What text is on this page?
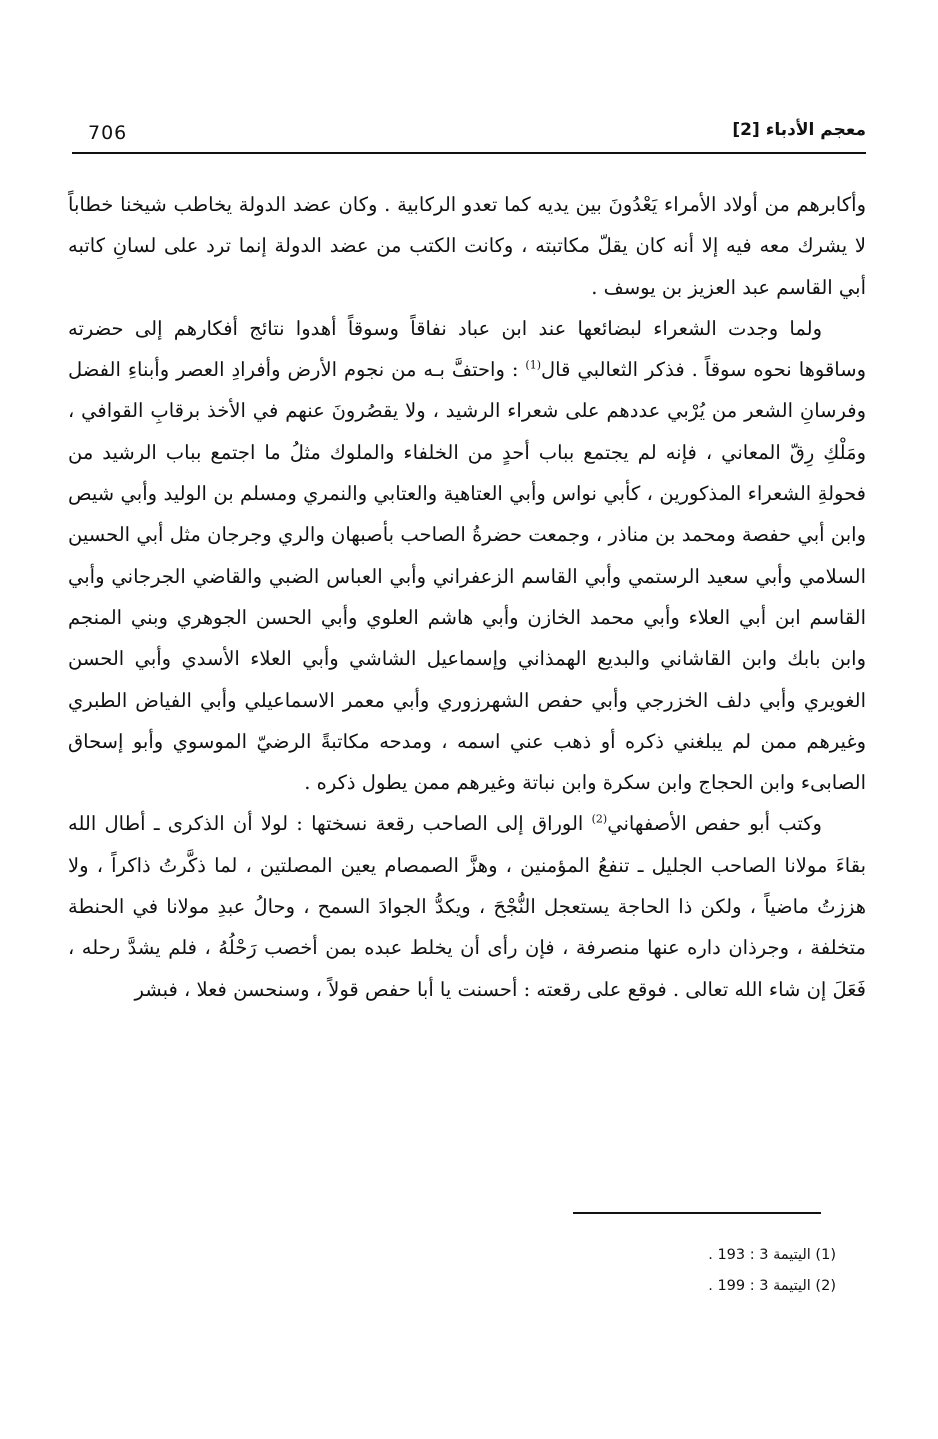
706	معجم الأدباء [2]

وأكابرهم من أولاد الأمراء يَعْدُونَ بين يديه كما تعدو الركابية . وكان عضد الدولة يخاطب شيخنا خطاباً لا يشرك معه فيه إلا أنه كان يقلّ مكاتبته ، وكانت الكتب من عضد الدولة إنما ترد على لسانِ كاتبه أبي القاسم عبد العزيز بن يوسف .

ولما وجدت الشعراء لبضائعها عند ابن عباد نفاقاً وسوقاً أهدوا نتائج أفكارهم إلى حضرته وساقوها نحوه سوقاً . فذكر الثعالبي قال$^{(1)}$ : واحتفَّ بـه من نجوم الأرض وأفرادِ العصر وأبناءِ الفضل وفرسانِ الشعر من يُرْبي عددهم على شعراء الرشيد ، ولا يقصُرونَ عنهم في الأخذ برقابِ القوافي ، ومَلْكِ رِقّ المعاني ، فإنه لم يجتمع بباب أحدٍ من الخلفاء والملوك مثلُ ما اجتمع بباب الرشيد من فحولةِ الشعراء المذكورين ، كأبي نواس وأبي العتاهية والعتابي والنمري ومسلم بن الوليد وأبي شيص وابن أبي حفصة ومحمد بن مناذر ، وجمعت حضرةُ الصاحب بأصبهان والري وجرجان مثل أبي الحسين السلامي وأبي سعيد الرستمي وأبي القاسم الزعفراني وأبي العباس الضبي والقاضي الجرجاني وأبي القاسم ابن أبي العلاء وأبي محمد الخازن وأبي هاشم العلوي وأبي الحسن الجوهري وبني المنجم وابن بابك وابن القاشاني والبديع الهمذاني وإسماعيل الشاشي وأبي العلاء الأسدي وأبي الحسن الغويري وأبي دلف الخزرجي وأبي حفص الشهرزوري وأبي معمر الاسماعيلي وأبي الفياض الطبري وغيرهم ممن لم يبلغني ذكره أو ذهب عني اسمه ، ومدحه مكاتبةً الرضيّ الموسوي وأبو إسحاق الصابىء وابن الحجاج وابن سكرة وابن نباتة وغيرهم ممن يطول ذكره .

وكتب أبو حفص الأصفهاني$^{(2)}$ الوراق إلى الصاحب رقعة نسختها : لولا أن الذكرى ـ أطال الله بقاءَ مولانا الصاحب الجليل ـ تنفعُ المؤمنين ، وهزَّ الصمصام يعين المصلتين ، لما ذكَّرتُ ذاكراً ، ولا هززتُ ماضياً ، ولكن ذا الحاجة يستعجل النُّجْحَ ، ويكدُّ الجوادَ السمح ، وحالُ عبدِ مولانا في الحنطة متخلفة ، وجرذان داره عنها منصرفة ، فإن رأى أن يخلط عبده بمن أخصب رَحْلُهُ ، فلم يشدَّ رحله ، فَعَلَ إن شاء الله تعالى . فوقع على رقعته : أحسنت يا أبا حفص قولاً ، وسنحسن فعلا ، فبشر

(1) اليتيمة 3 : 193 .
(2) اليتيمة 3 : 199 .
